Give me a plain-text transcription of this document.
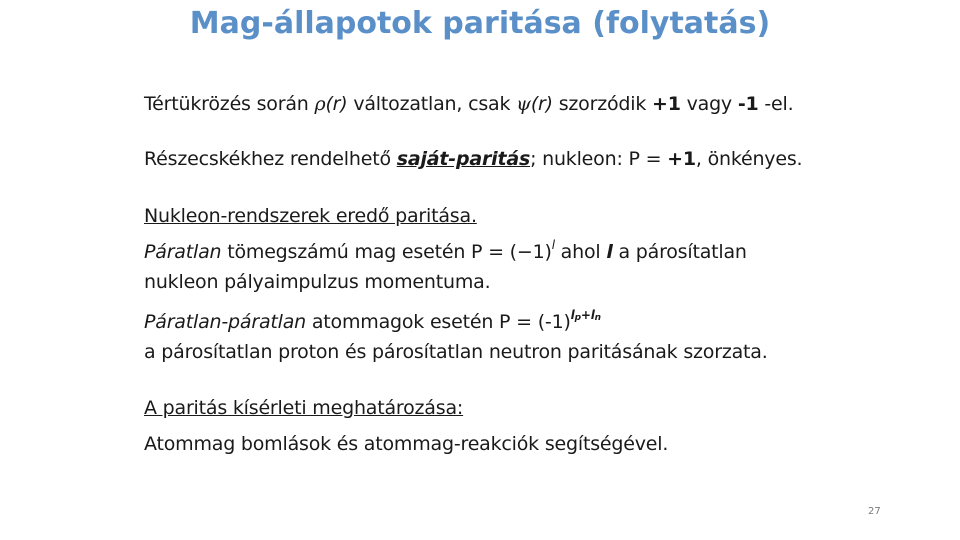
Mag-állapotok paritása (folytatás)
Tértükrözés során ρ(r) változatlan, csak ψ(r) szorzódik +1 vagy -1 -el.
Részecskékhez rendelhető saját-paritás; nukleon: P = +1, önkényes.
Nukleon-rendszerek eredő paritása.
Páratlan tömegszámú mag esetén $P = (-1)^l$ ahol l a párosítatlan
nukleon pályaimpulzus momentuma.
Páratlan-páratlan atommagok esetén $P = (-1)^{l_p+l_n}$
a párosítatlan proton és párosítatlan neutron paritásának szorzata.
A paritás kísérleti meghatározása:
Atommag bomlások és atommag-reakciók segítségével.
27
